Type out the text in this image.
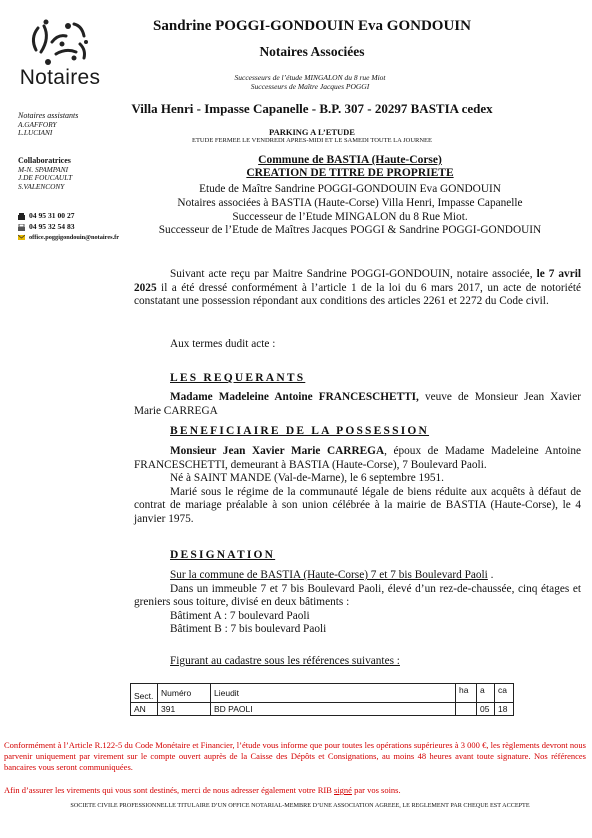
Notaires
Sandrine POGGI-GONDOUIN Eva GONDOUIN
Notaires Associées
Successeurs de l’étude MINGALON du 8 rue Miot
Successeurs de Maître Jacques POGGI
Villa Henri - Impasse Capanelle - B.P. 307 - 20297 BASTIA cedex
PARKING A L’ETUDE
ETUDE FERMEE LE VENDREDI APRES-MIDI ET LE SAMEDI TOUTE LA JOURNEE
Notaires assistants
A.GAFFORY
L.LUCIANI
Collaboratrices
M-N. SPAMPANI
J.DE FOUCAULT
S.VALENCONY
04 95 31 00 27
04 95 32 54 83
office.poggigondouin@notaires.fr
Commune de BASTIA (Haute-Corse)
CREATION DE TITRE DE PROPRIETE
Etude de Maître Sandrine POGGI-GONDOUIN Eva GONDOUIN
Notaires associées à BASTIA (Haute-Corse) Villa Henri, Impasse Capanelle
Successeur de l’Etude MINGALON du 8 Rue Miot.
Successeur de l’Etude de Maîtres Jacques POGGI & Sandrine POGGI-GONDOUIN
Suivant acte reçu par Maitre Sandrine POGGI-GONDOUIN, notaire associée, le 7 avril 2025 il a été dressé conformément à l’article 1 de la loi du 6 mars 2017, un acte de notoriété constatant une possession répondant aux conditions des articles 2261 et 2272 du Code civil.
Aux termes dudit acte :
LES REQUERANTS
Madame Madeleine Antoine FRANCESCHETTI, veuve de Monsieur Jean Xavier Marie CARREGA
BENEFICIAIRE DE LA POSSESSION
Monsieur Jean Xavier Marie CARREGA, époux de Madame Madeleine Antoine FRANCESCHETTI, demeurant à BASTIA (Haute-Corse), 7 Boulevard Paoli.
Né à SAINT MANDE (Val-de-Marne), le 6 septembre 1951.
Marié sous le régime de la communauté légale de biens réduite aux acquêts à défaut de contrat de mariage préalable à son union célébrée à la mairie de BASTIA (Haute-Corse), le 4 janvier 1975.
DESIGNATION
Sur la commune de BASTIA (Haute-Corse) 7 et 7 bis Boulevard Paoli .
Dans un immeuble 7 et 7 bis Boulevard Paoli, élevé d’un rez-de-chaussée, cinq étages et greniers sous toiture, divisé en deux bâtiments :
Bâtiment A : 7 boulevard Paoli
Bâtiment B : 7 bis boulevard Paoli
Figurant au cadastre sous les références suivantes :
Sect.	Numéro	Lieudit	ha	a	ca
AN	391	BD PAOLI		05	18
Conformément à l’Article R.122-5 du Code Monétaire et Financier, l’étude vous informe que pour toutes les opérations supérieures à 3 000 €, les règlements devront nous parvenir uniquement par virement sur le compte ouvert auprès de la Caisse des Dépôts et Consignations, au moins 48 heures avant toute signature. Nos références bancaires vous seront communiquées.
Afin d’assurer les virements qui vous sont destinés, merci de nous adresser également votre RIB signé par vos soins.
SOCIETE CIVILE PROFESSIONNELLE TITULAIRE D’UN OFFICE NOTARIAL-MEMBRE D’UNE ASSOCIATION AGREEE, LE REGLEMENT PAR CHEQUE EST ACCEPTE
